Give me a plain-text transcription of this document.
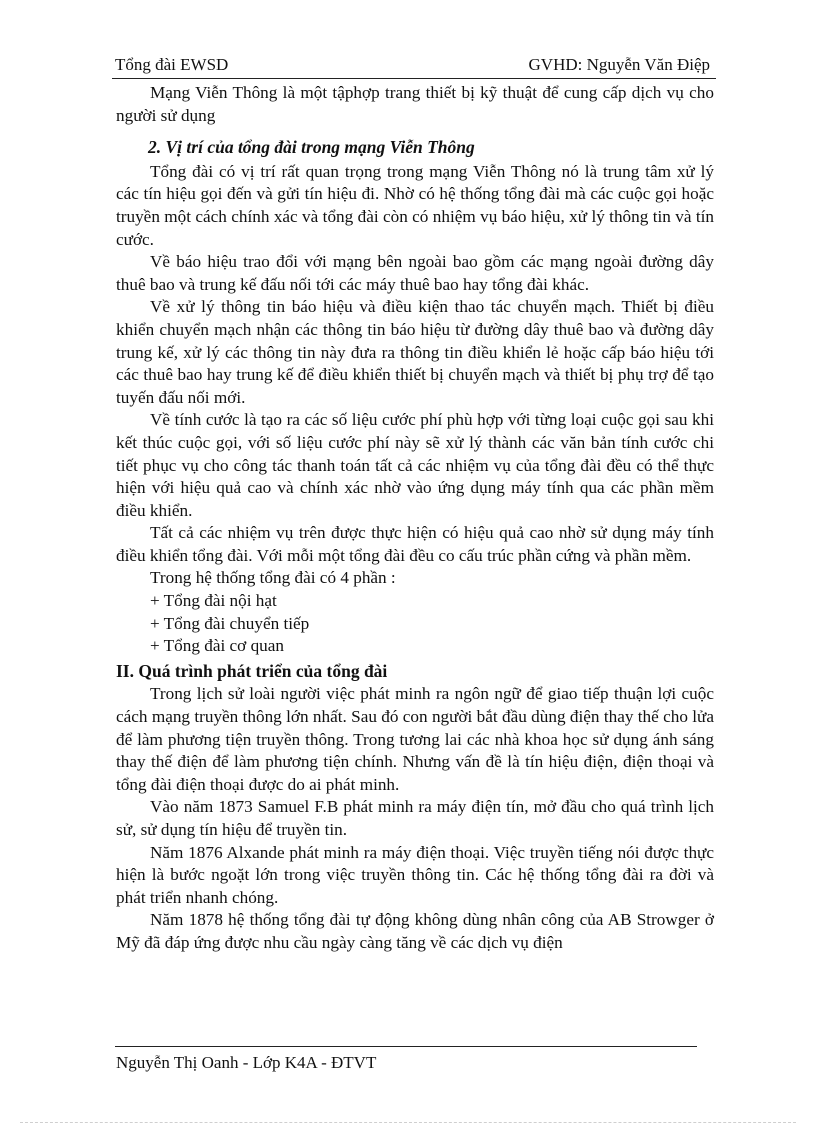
Tổng đài EWSD	GVHD: Nguyễn Văn Điệp

Mạng Viễn Thông là một tậphợp trang thiết bị kỹ thuật để cung cấp dịch vụ cho người sử dụng

2. Vị trí của tổng đài trong mạng Viễn Thông

Tổng đài có vị trí rất quan trọng trong mạng Viễn Thông nó là trung tâm xử lý các tín hiệu gọi đến và gửi tín hiệu đi. Nhờ có hệ thống tổng đài mà các cuộc gọi hoặc truyền một cách chính xác và tổng đài còn có nhiệm vụ báo hiệu, xử lý thông tin và tín cước.

Về báo hiệu trao đổi với mạng bên ngoài bao gồm các mạng ngoài đường dây thuê bao và trung kế đấu nối tới các máy thuê bao hay tổng đài khác.

Về xử lý thông tin báo hiệu và điều kiện thao tác chuyển mạch. Thiết bị điều khiển chuyển mạch nhận các thông tin báo hiệu từ đường dây thuê bao và đường dây trung kế, xử lý các thông tin này đưa ra thông tin điều khiển lẻ hoặc cấp báo hiệu tới các thuê bao hay trung kế để điều khiển thiết bị chuyển mạch và thiết bị phụ trợ để tạo tuyến đấu nối mới.

Về tính cước là tạo ra các số liệu cước phí phù hợp với từng loại cuộc gọi sau khi kết thúc cuộc gọi, với số liệu cước phí này sẽ xử lý thành các văn bản tính cước chi tiết phục vụ cho công tác thanh toán tất cả các nhiệm vụ của tổng đài đều có thể thực hiện với hiệu quả cao và chính xác nhờ vào ứng dụng máy tính qua các phần mềm điều khiển.

Tất cả các nhiệm vụ trên được thực hiện có hiệu quả cao nhờ sử dụng máy tính điều khiển tổng đài. Với mỗi một tổng đài đều co cấu trúc phần cứng và phần mềm.

Trong hệ thống tổng đài có 4 phần :

+ Tổng đài nội hạt

+ Tổng đài chuyển tiếp

+ Tổng đài cơ quan

II. Quá trình phát triển của tổng đài

Trong lịch sử loài người việc phát minh ra ngôn ngữ để giao tiếp thuận lợi cuộc cách mạng truyền thông lớn nhất. Sau đó con người bắt đầu dùng điện thay thế cho lửa để làm phương tiện truyền thông. Trong tương lai các nhà khoa học sử dụng ánh sáng thay thế điện để làm phương tiện chính. Nhưng vấn đề là tín hiệu điện, điện thoại và tổng đài điện thoại được do ai phát minh.

Vào năm 1873 Samuel F.B phát minh ra máy điện tín, mở đầu cho quá trình lịch sử, sử dụng tín hiệu để truyền tin.

Năm 1876 Alxande phát minh ra máy điện thoại. Việc truyền tiếng nói được thực hiện là bước ngoặt lớn trong việc truyền thông tin. Các hệ thống tổng đài ra đời và phát triển nhanh chóng.

Năm 1878 hệ thống tổng đài tự động không dùng nhân công của AB Strowger ở Mỹ đã đáp ứng được nhu cầu ngày càng tăng về các dịch vụ điện

Nguyễn Thị Oanh - Lớp K4A - ĐTVT
